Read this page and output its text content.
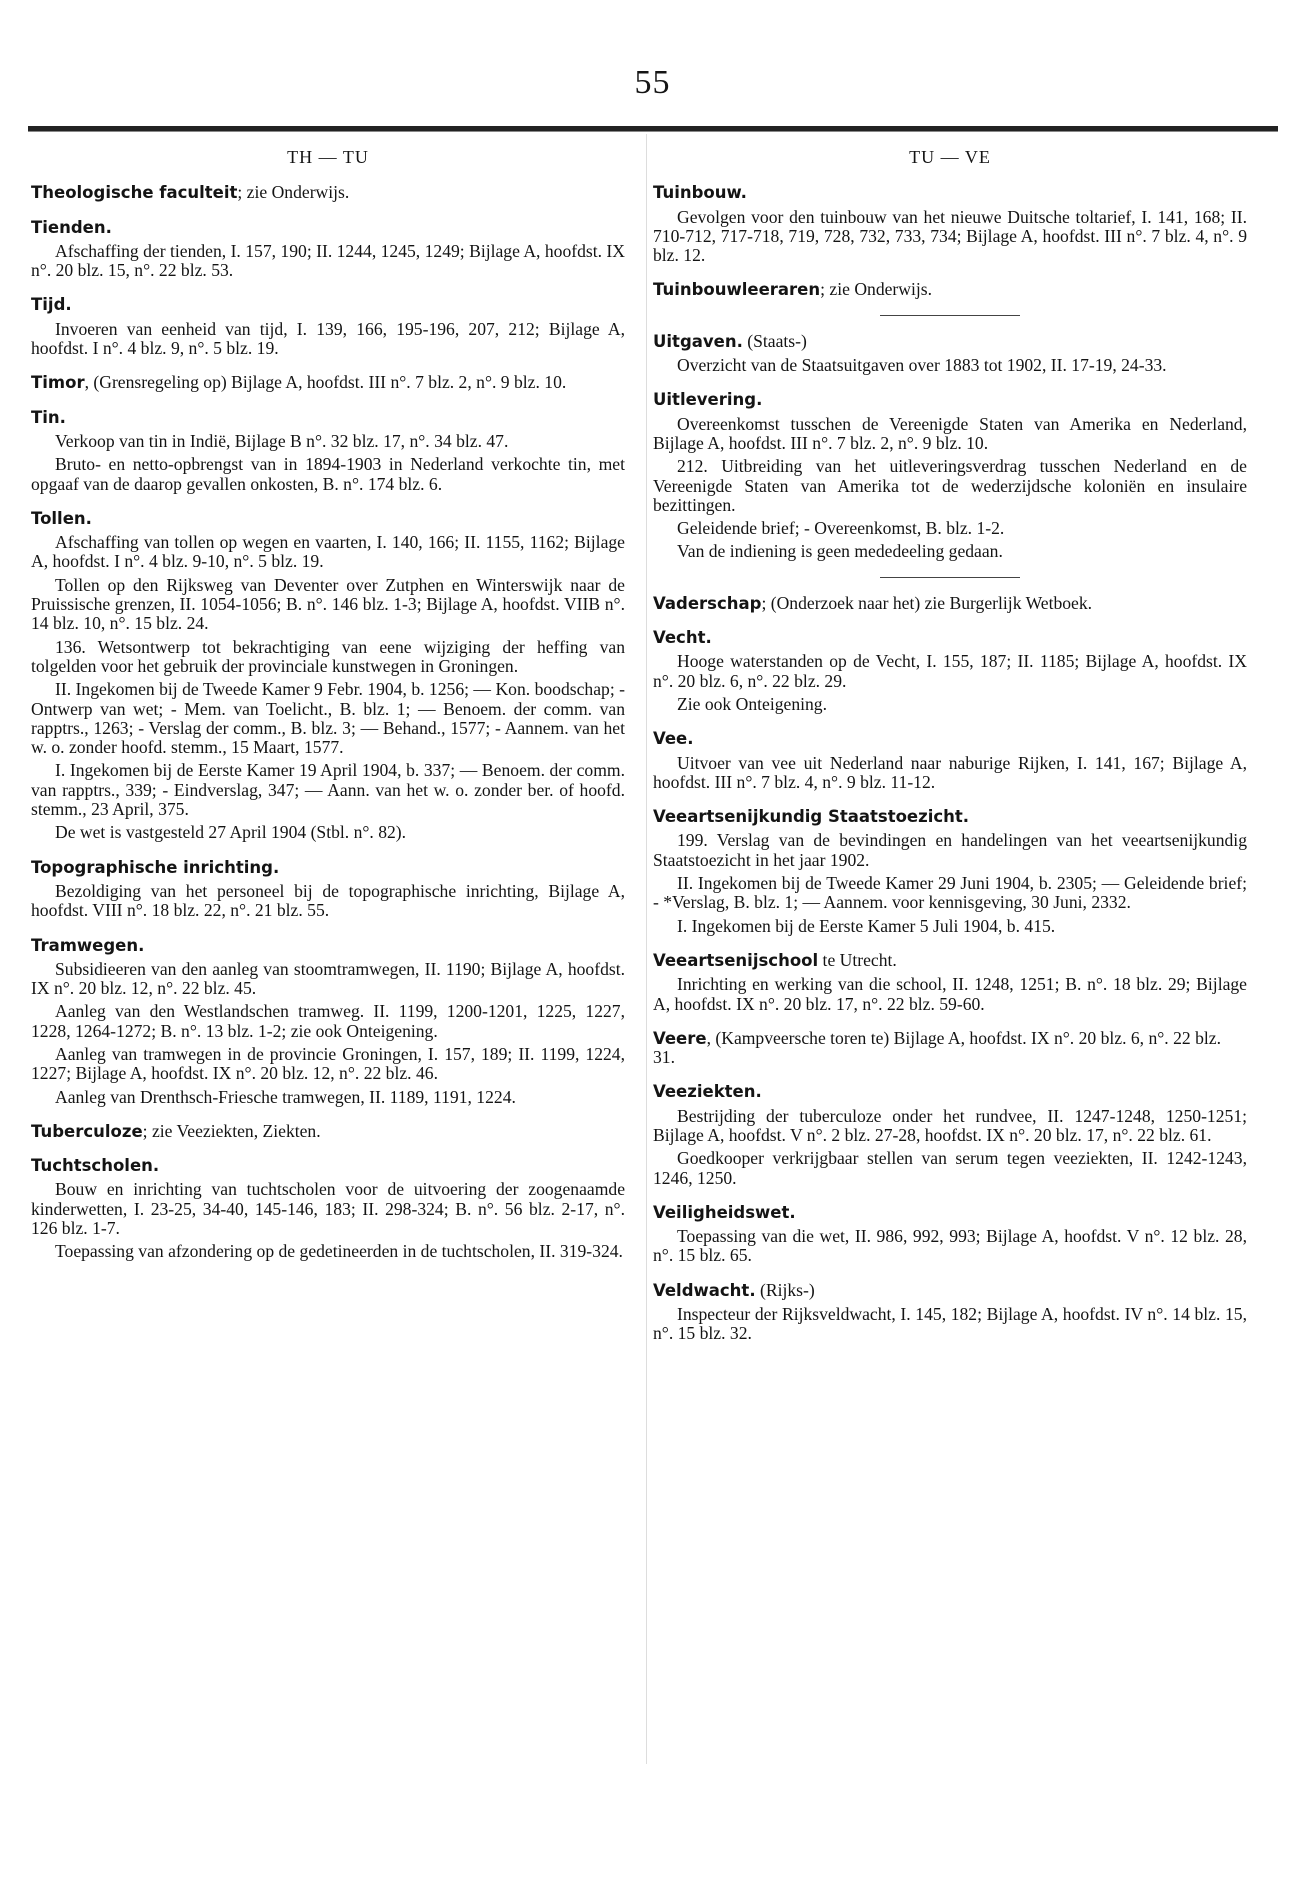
55
TH — TU
Theologische faculteit; zie Onderwijs.
Tienden.
Afschaffing der tienden, I. 157, 190; II. 1244, 1245, 1249; Bijlage A, hoofdst. IX n°. 20 blz. 15, n°. 22 blz. 53.
Tijd.
Invoeren van eenheid van tijd, I. 139, 166, 195-196, 207, 212; Bijlage A, hoofdst. I n°. 4 blz. 9, n°. 5 blz. 19.
Timor, (Grensregeling op) Bijlage A, hoofdst. III n°. 7 blz. 2, n°. 9 blz. 10.
Tin.
Verkoop van tin in Indië, Bijlage B n°. 32 blz. 17, n°. 34 blz. 47.
Bruto- en netto-opbrengst van in 1894-1903 in Nederland verkochte tin, met opgaaf van de daarop gevallen onkosten, B. n°. 174 blz. 6.
Tollen.
Afschaffing van tollen op wegen en vaarten, I. 140, 166; II. 1155, 1162; Bijlage A, hoofdst. I n°. 4 blz. 9-10, n°. 5 blz. 19.
Tollen op den Rijksweg van Deventer over Zutphen en Winterswijk naar de Pruissische grenzen, II. 1054-1056; B. n°. 146 blz. 1-3; Bijlage A, hoofdst. VIIB n°. 14 blz. 10, n°. 15 blz. 24.
136. Wetsontwerp tot bekrachtiging van eene wijziging der heffing van tolgelden voor het gebruik der provinciale kunstwegen in Groningen.
II. Ingekomen bij de Tweede Kamer 9 Febr. 1904, b. 1256; — Kon. boodschap; - Ontwerp van wet; - Mem. van Toelicht., B. blz. 1; — Benoem. der comm. van rapptrs., 1263; - Verslag der comm., B. blz. 3; — Behand., 1577; - Aannem. van het w. o. zonder hoofd. stemm., 15 Maart, 1577.
I. Ingekomen bij de Eerste Kamer 19 April 1904, b. 337; — Benoem. der comm. van rapptrs., 339; - Eindverslag, 347; — Aann. van het w. o. zonder ber. of hoofd. stemm., 23 April, 375.
De wet is vastgesteld 27 April 1904 (Stbl. n°. 82).
Topographische inrichting.
Bezoldiging van het personeel bij de topographische inrichting, Bijlage A, hoofdst. VIII n°. 18 blz. 22, n°. 21 blz. 55.
Tramwegen.
Subsidieeren van den aanleg van stoomtramwegen, II. 1190; Bijlage A, hoofdst. IX n°. 20 blz. 12, n°. 22 blz. 45.
Aanleg van den Westlandschen tramweg. II. 1199, 1200-1201, 1225, 1227, 1228, 1264-1272; B. n°. 13 blz. 1-2; zie ook Onteigening.
Aanleg van tramwegen in de provincie Groningen, I. 157, 189; II. 1199, 1224, 1227; Bijlage A, hoofdst. IX n°. 20 blz. 12, n°. 22 blz. 46.
Aanleg van Drenthsch-Friesche tramwegen, II. 1189, 1191, 1224.
Tuberculoze; zie Veeziekten, Ziekten.
Tuchtscholen.
Bouw en inrichting van tuchtscholen voor de uitvoering der zoogenaamde kinderwetten, I. 23-25, 34-40, 145-146, 183; II. 298-324; B. n°. 56 blz. 2-17, n°. 126 blz. 1-7.
Toepassing van afzondering op de gedetineerden in de tuchtscholen, II. 319-324.
TU — VE
Tuinbouw.
Gevolgen voor den tuinbouw van het nieuwe Duitsche toltarief, I. 141, 168; II. 710-712, 717-718, 719, 728, 732, 733, 734; Bijlage A, hoofdst. III n°. 7 blz. 4, n°. 9 blz. 12.
Tuinbouwleeraren; zie Onderwijs.
Uitgaven. (Staats-)
Overzicht van de Staatsuitgaven over 1883 tot 1902, II. 17-19, 24-33.
Uitlevering.
Overeenkomst tusschen de Vereenigde Staten van Amerika en Nederland, Bijlage A, hoofdst. III n°. 7 blz. 2, n°. 9 blz. 10.
212. Uitbreiding van het uitleveringsverdrag tusschen Nederland en de Vereenigde Staten van Amerika tot de wederzijdsche koloniën en insulaire bezittingen.
Geleidende brief; - Overeenkomst, B. blz. 1-2.
Van de indiening is geen mededeeling gedaan.
Vaderschap; (Onderzoek naar het) zie Burgerlijk Wetboek.
Vecht.
Hooge waterstanden op de Vecht, I. 155, 187; II. 1185; Bijlage A, hoofdst. IX n°. 20 blz. 6, n°. 22 blz. 29.
Zie ook Onteigening.
Vee.
Uitvoer van vee uit Nederland naar naburige Rijken, I. 141, 167; Bijlage A, hoofdst. III n°. 7 blz. 4, n°. 9 blz. 11-12.
Veeartsenijkundig Staatstoezicht.
199. Verslag van de bevindingen en handelingen van het veeartsenijkundig Staatstoezicht in het jaar 1902.
II. Ingekomen bij de Tweede Kamer 29 Juni 1904, b. 2305; — Geleidende brief; - *Verslag, B. blz. 1; — Aannem. voor kennisgeving, 30 Juni, 2332.
I. Ingekomen bij de Eerste Kamer 5 Juli 1904, b. 415.
Veeartsenijschool te Utrecht.
Inrichting en werking van die school, II. 1248, 1251; B. n°. 18 blz. 29; Bijlage A, hoofdst. IX n°. 20 blz. 17, n°. 22 blz. 59-60.
Veere, (Kampveersche toren te) Bijlage A, hoofdst. IX n°. 20 blz. 6, n°. 22 blz. 31.
Veeziekten.
Bestrijding der tuberculoze onder het rundvee, II. 1247-1248, 1250-1251; Bijlage A, hoofdst. V n°. 2 blz. 27-28, hoofdst. IX n°. 20 blz. 17, n°. 22 blz. 61.
Goedkooper verkrijgbaar stellen van serum tegen veeziekten, II. 1242-1243, 1246, 1250.
Veiligheidswet.
Toepassing van die wet, II. 986, 992, 993; Bijlage A, hoofdst. V n°. 12 blz. 28, n°. 15 blz. 65.
Veldwacht. (Rijks-)
Inspecteur der Rijksveldwacht, I. 145, 182; Bijlage A, hoofdst. IV n°. 14 blz. 15, n°. 15 blz. 32.
